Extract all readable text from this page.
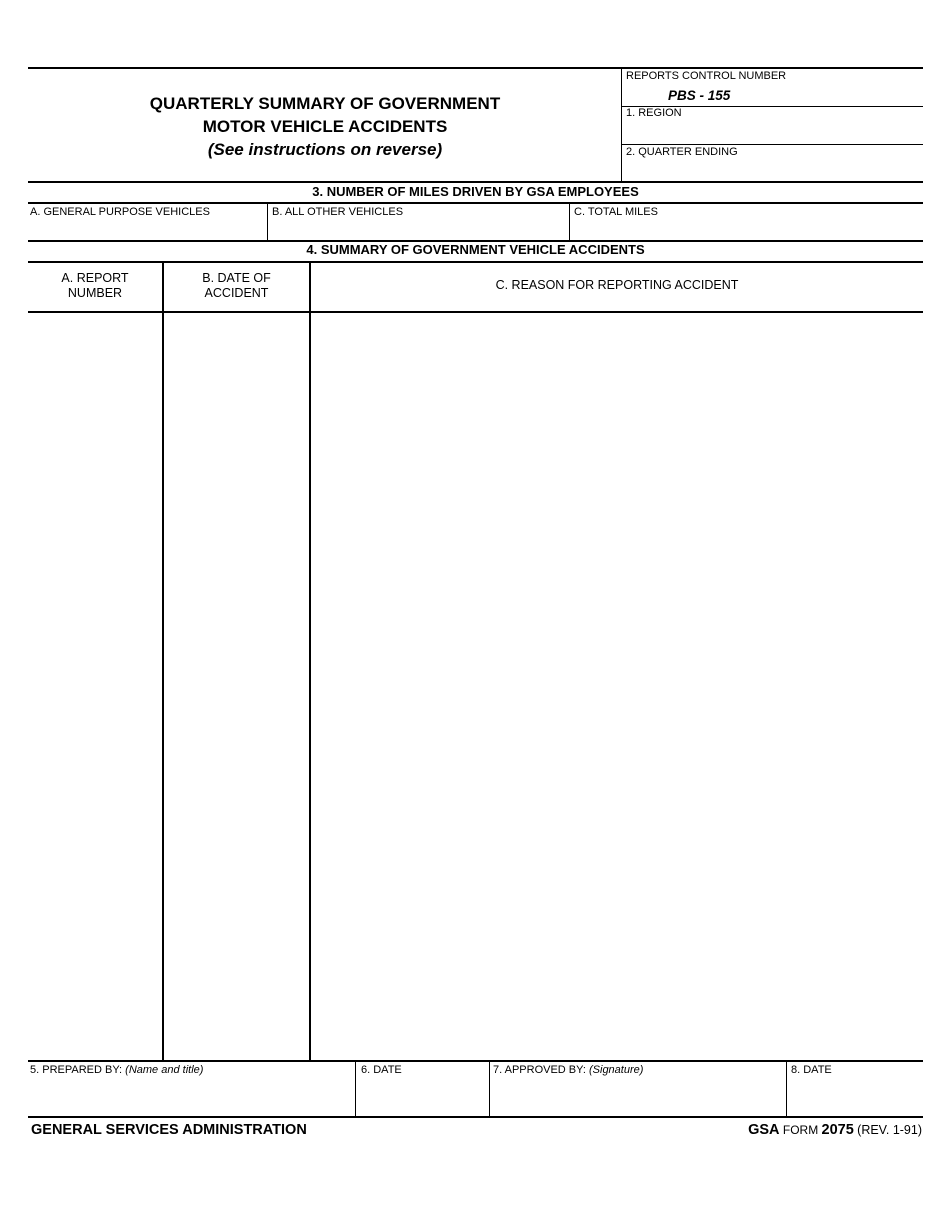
QUARTERLY SUMMARY OF GOVERNMENT
MOTOR VEHICLE ACCIDENTS
(See instructions on reverse)
REPORTS CONTROL NUMBER
PBS - 155
1. REGION
2. QUARTER ENDING
3. NUMBER OF MILES DRIVEN BY GSA EMPLOYEES
A. GENERAL PURPOSE VEHICLES	B. ALL OTHER VEHICLES	C. TOTAL MILES
4. SUMMARY OF GOVERNMENT VEHICLE ACCIDENTS
A. REPORT
NUMBER
B. DATE OF
ACCIDENT
C. REASON FOR REPORTING ACCIDENT
5. PREPARED BY: (Name and title)	6. DATE	7. APPROVED BY: (Signature)	8. DATE
GENERAL SERVICES ADMINISTRATION	GSA FORM 2075 (REV. 1-91)
